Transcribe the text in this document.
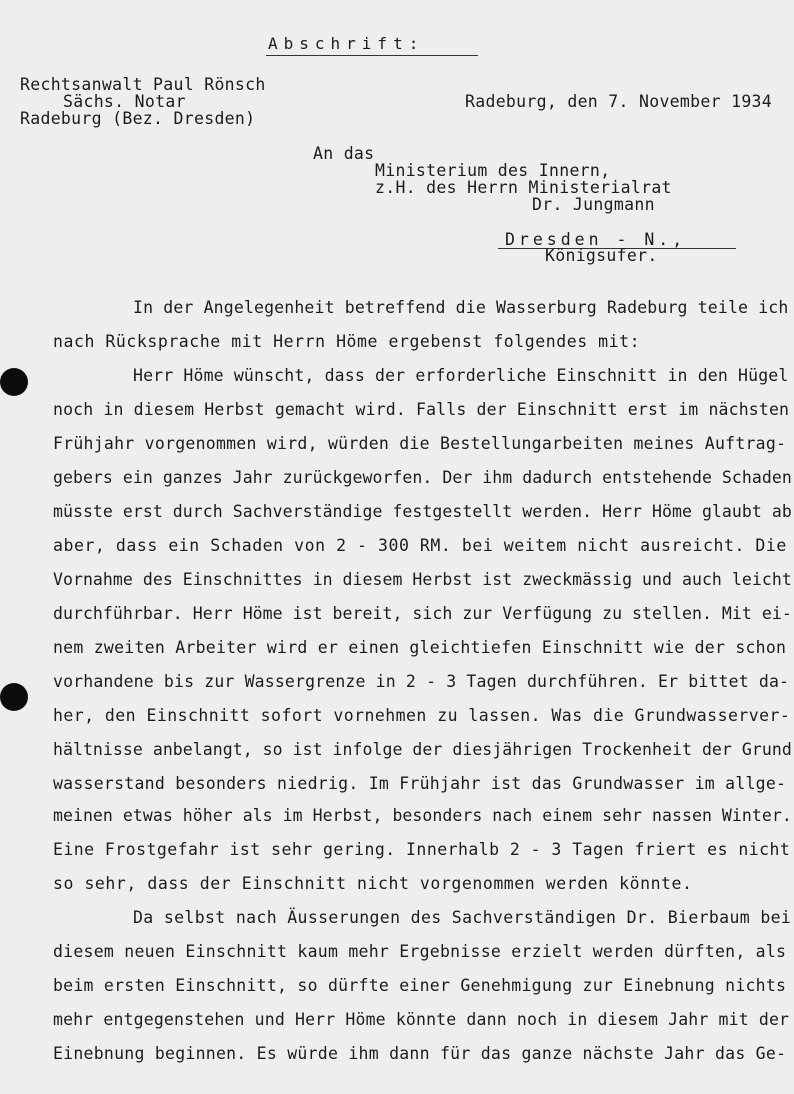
Abschrift:
Rechtsanwalt Paul Rönsch
Sächs. Notar
Radeburg (Bez. Dresden)
Radeburg, den 7. November 1934
An das
Ministerium des Innern,
z.H. des Herrn Ministerialrat
Dr. Jungmann
Dresden - N.,
Königsufer.
In der Angelegenheit betreffend die Wasserburg Radeburg teile ich
nach Rücksprache mit Herrn Höme ergebenst folgendes mit:
Herr Höme wünscht, dass der erforderliche Einschnitt in den Hügel
noch in diesem Herbst gemacht wird. Falls der Einschnitt erst im nächsten
Frühjahr vorgenommen wird, würden die Bestellungarbeiten meines Auftrag-
gebers ein ganzes Jahr zurückgeworfen. Der ihm dadurch entstehende Schaden
müsste erst durch Sachverständige festgestellt werden. Herr Höme glaubt ab
aber, dass ein Schaden von 2 - 300 RM. bei weitem nicht ausreicht. Die
Vornahme des Einschnittes in diesem Herbst ist zweckmässig und auch leicht
durchführbar. Herr Höme ist bereit, sich zur Verfügung zu stellen. Mit ei-
nem zweiten Arbeiter wird er einen gleichtiefen Einschnitt wie der schon
vorhandene bis zur Wassergrenze in 2 - 3 Tagen durchführen. Er bittet da-
her, den Einschnitt sofort vornehmen zu lassen. Was die Grundwasserver-
hältnisse anbelangt, so ist infolge der diesjährigen Trockenheit der Grund
wasserstand besonders niedrig. Im Frühjahr ist das Grundwasser im allge-
meinen etwas höher als im Herbst, besonders nach einem sehr nassen Winter.
Eine Frostgefahr ist sehr gering. Innerhalb 2 - 3 Tagen friert es nicht
so sehr, dass der Einschnitt nicht vorgenommen werden könnte.
Da selbst nach Äusserungen des Sachverständigen Dr. Bierbaum bei
diesem neuen Einschnitt kaum mehr Ergebnisse erzielt werden dürften, als
beim ersten Einschnitt, so dürfte einer Genehmigung zur Einebnung nichts
mehr entgegenstehen und Herr Höme könnte dann noch in diesem Jahr mit der
Einebnung beginnen. Es würde ihm dann für das ganze nächste Jahr das Ge-
